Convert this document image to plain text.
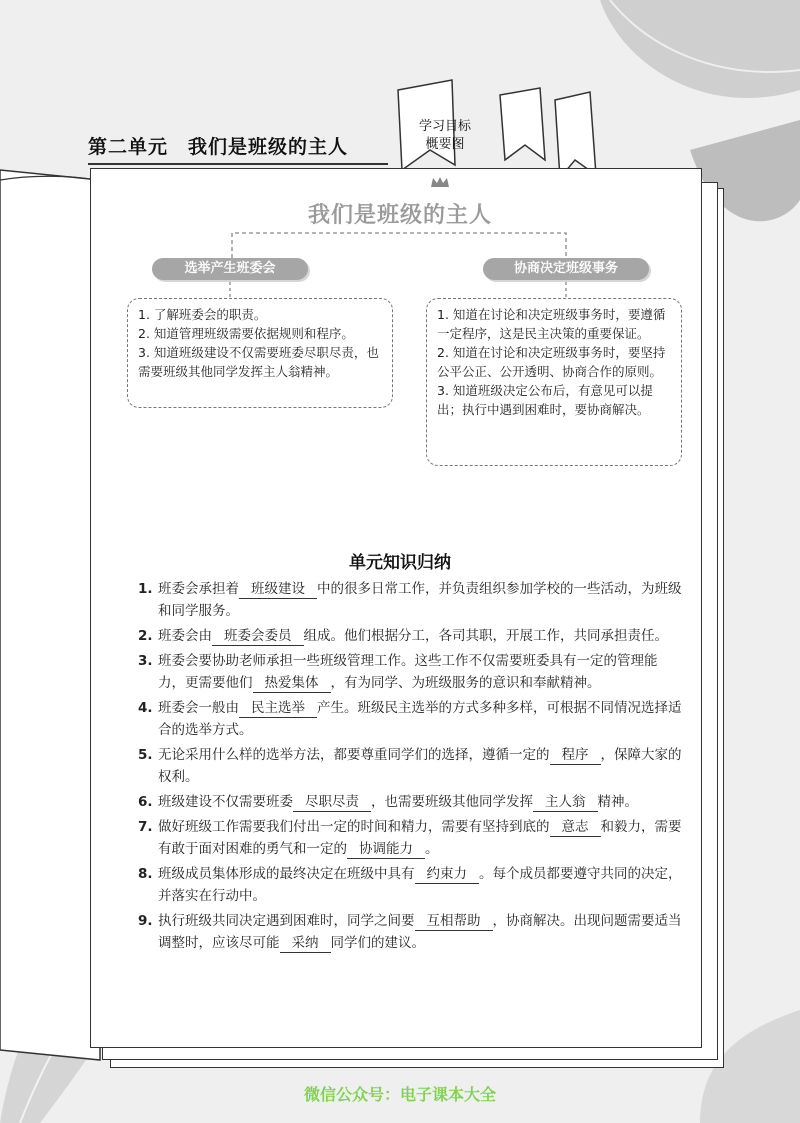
第二单元　我们是班级的主人
学习目标
概要图
我们是班级的主人
选举产生班委会	协商决定班级事务

1. 了解班委会的职责。

2. 知道管理班级需要依据规则和程序。

3. 知道班级建设不仅需要班委尽职尽责，也需要班级其他同学发挥主人翁精神。

1. 知道在讨论和决定班级事务时，要遵循一定程序，这是民主决策的重要保证。

2. 知道在讨论和决定班级事务时，要坚持公平公正、公开透明、协商合作的原则。

3. 知道班级决定公布后，有意见可以提出；执行中遇到困难时，要协商解决。

单元知识归纳
1. 班委会承担着 班级建设 中的很多日常工作，并负责组织参加学校的一些活动，为班级和同学服务。
2. 班委会由 班委会委员 组成。他们根据分工，各司其职，开展工作，共同承担责任。
3. 班委会要协助老师承担一些班级管理工作。这些工作不仅需要班委具有一定的管理能力，更需要他们 热爱集体 ，有为同学、为班级服务的意识和奉献精神。
4. 班委会一般由 民主选举 产生。班级民主选举的方式多种多样，可根据不同情况选择适合的选举方式。
5. 无论采用什么样的选举方法，都要尊重同学们的选择，遵循一定的 程序 ，保障大家的权利。
6. 班级建设不仅需要班委 尽职尽责 ，也需要班级其他同学发挥 主人翁 精神。
7. 做好班级工作需要我们付出一定的时间和精力，需要有坚持到底的 意志 和毅力，需要有敢于面对困难的勇气和一定的 协调能力 。
8. 班级成员集体形成的最终决定在班级中具有 约束力 。每个成员都要遵守共同的决定，并落实在行动中。
9. 执行班级共同决定遇到困难时，同学之间要 互相帮助 ，协商解决。出现问题需要适当调整时，应该尽可能 采纳 同学们的建议。
微信公众号：电子课本大全
